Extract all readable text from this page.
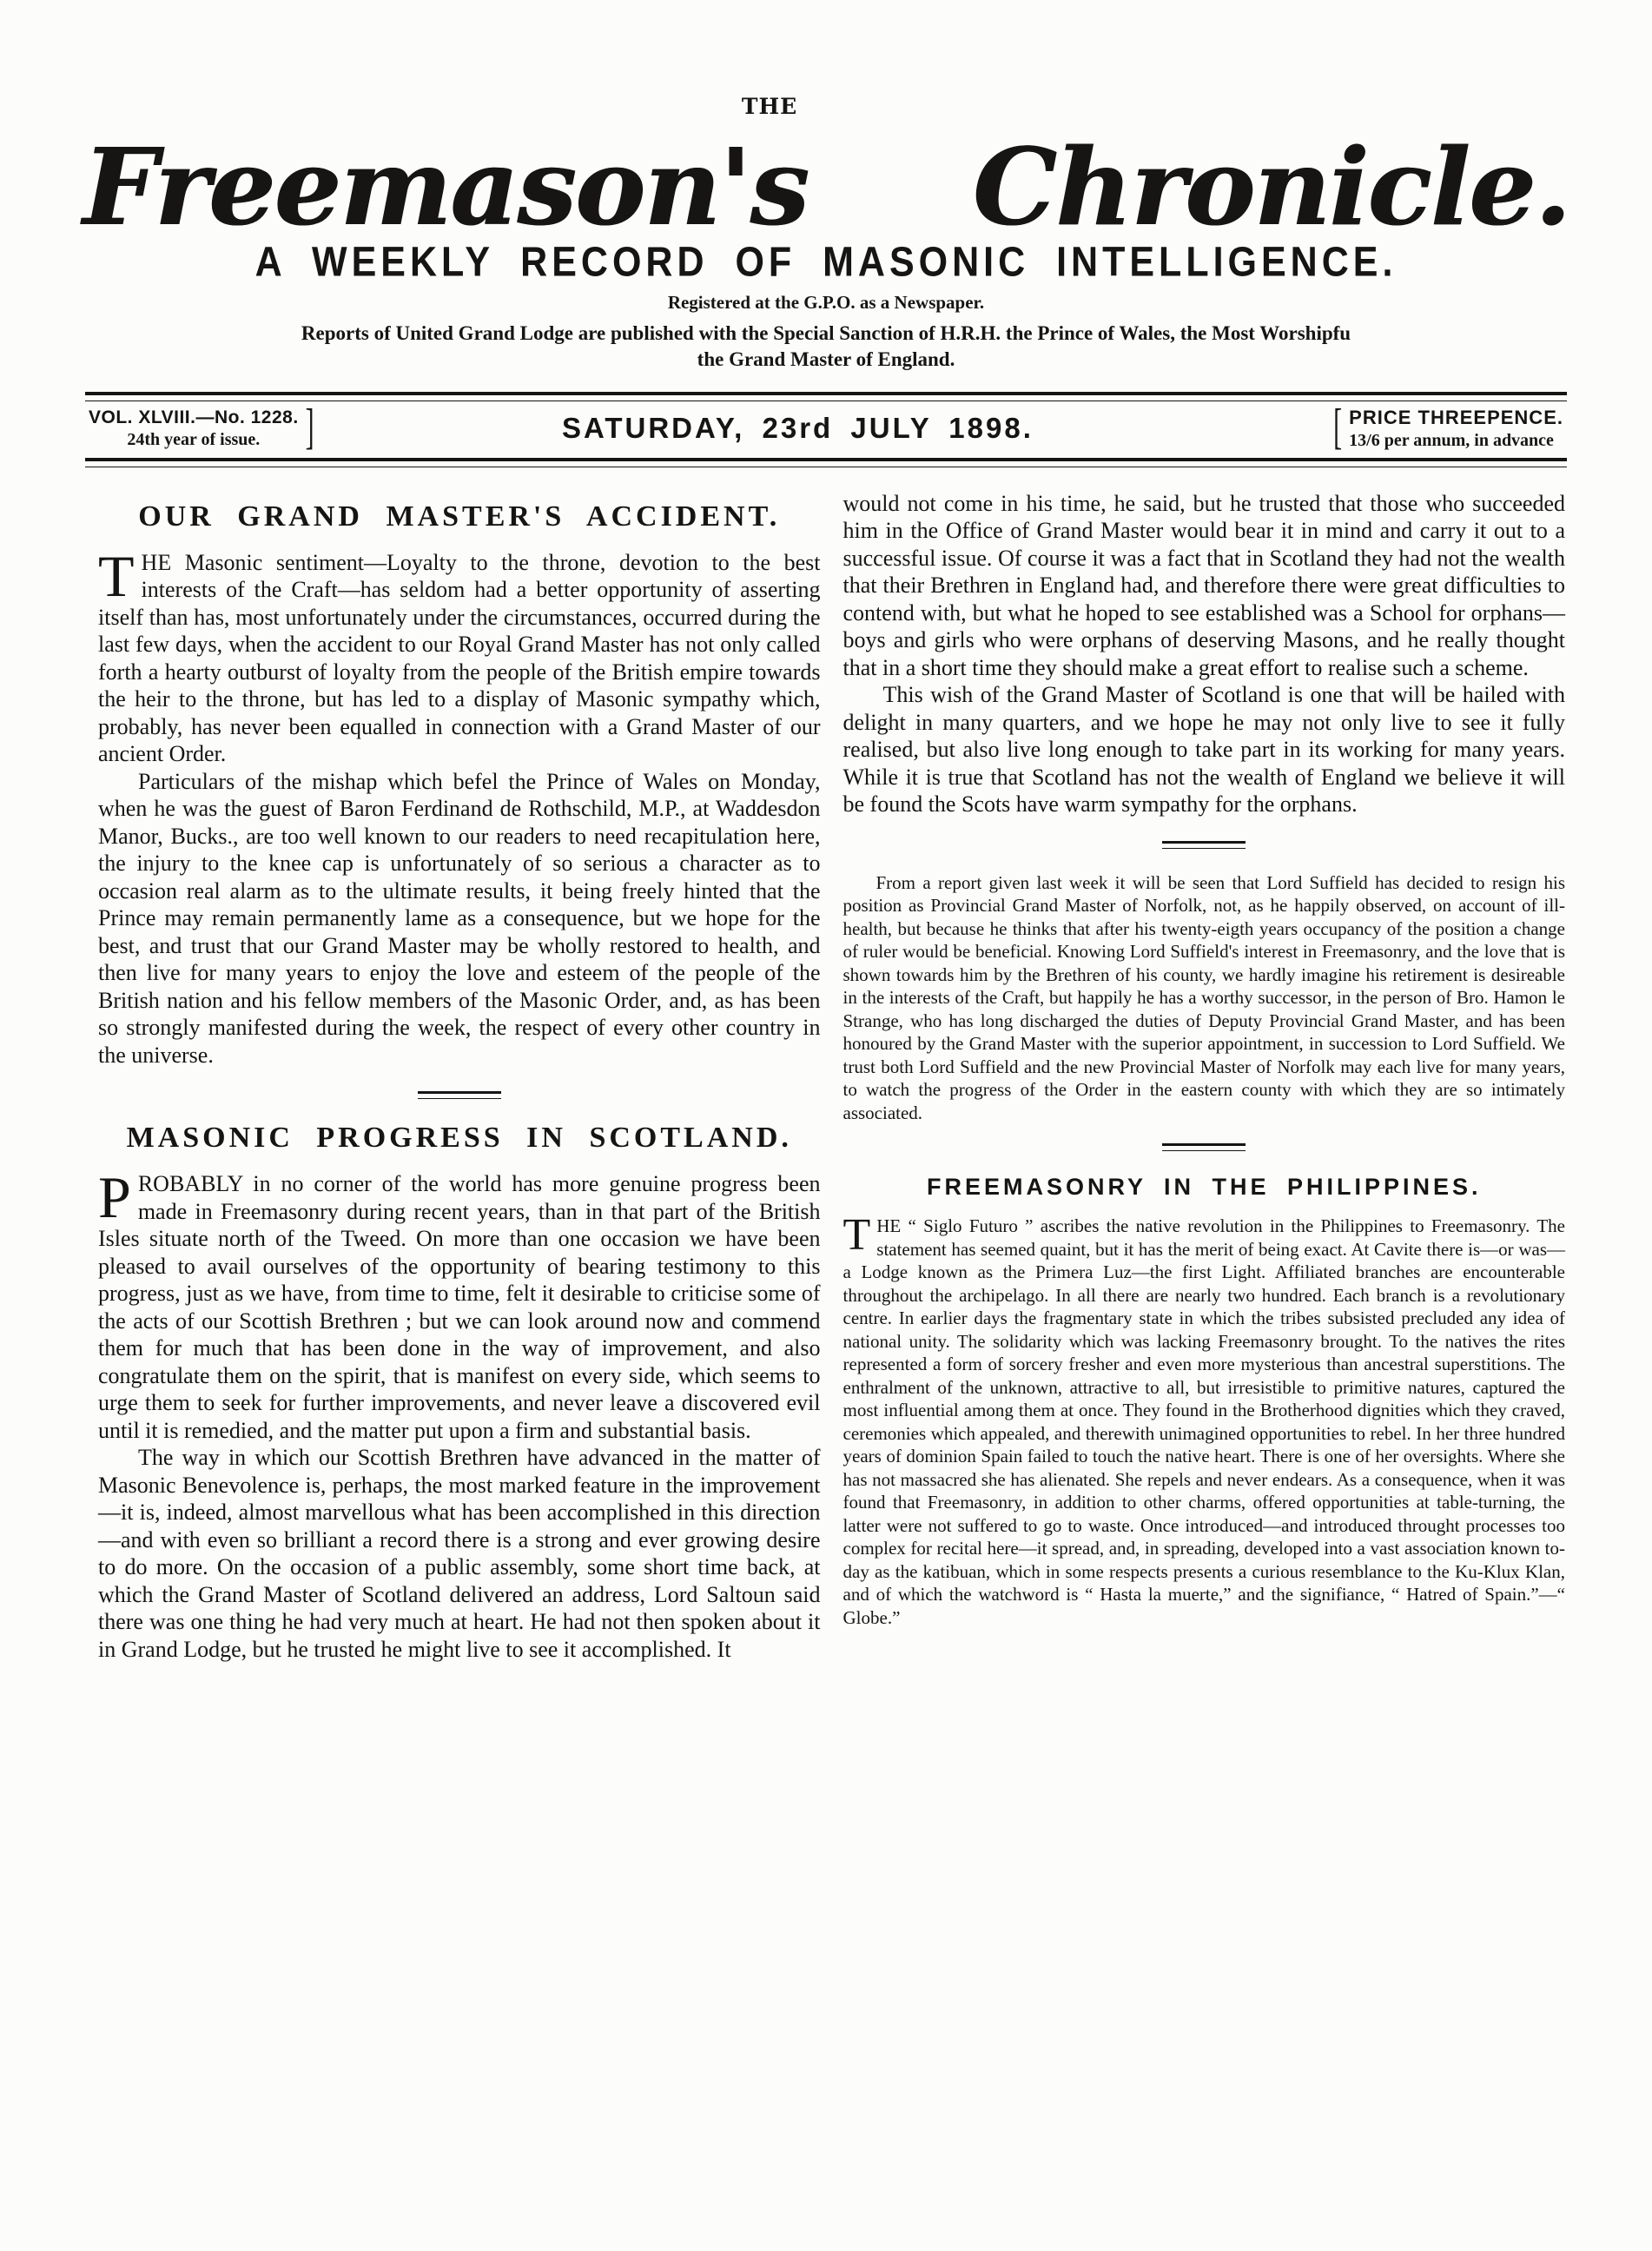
THE
Freemason's Chronicle.
A WEEKLY RECORD OF MASONIC INTELLIGENCE.
Registered at the G.P.O. as a Newspaper.
Reports of United Grand Lodge are published with the Special Sanction of H.R.H. the Prince of Wales, the Most Worshipfu
the Grand Master of England.
VOL. XLVIII.—No. 1228.
24th year of issue.	]	SATURDAY, 23rd JULY 1898.	[ PRICE THREEPENCE.
13/6 per annum, in advance
OUR GRAND MASTER'S ACCIDENT.

THE Masonic sentiment—Loyalty to the throne, devotion to the best interests of the Craft—has seldom had a better opportunity of asserting itself than has, most unfortunately under the circumstances, occurred during the last few days, when the accident to our Royal Grand Master has not only called forth a hearty outburst of loyalty from the people of the British empire towards the heir to the throne, but has led to a display of Masonic sympathy which, probably, has never been equalled in connection with a Grand Master of our ancient Order.

Particulars of the mishap which befel the Prince of Wales on Monday, when he was the guest of Baron Ferdinand de Rothschild, M.P., at Waddesdon Manor, Bucks., are too well known to our readers to need recapitulation here, the injury to the knee cap is unfortunately of so serious a character as to occasion real alarm as to the ultimate results, it being freely hinted that the Prince may remain permanently lame as a consequence, but we hope for the best, and trust that our Grand Master may be wholly restored to health, and then live for many years to enjoy the love and esteem of the people of the British nation and his fellow members of the Masonic Order, and, as has been so strongly manifested during the week, the respect of every other country in the universe.

MASONIC PROGRESS IN SCOTLAND.

PROBABLY in no corner of the world has more genuine progress been made in Freemasonry during recent years, than in that part of the British Isles situate north of the Tweed. On more than one occasion we have been pleased to avail ourselves of the opportunity of bearing testimony to this progress, just as we have, from time to time, felt it desirable to criticise some of the acts of our Scottish Brethren ; but we can look around now and commend them for much that has been done in the way of improvement, and also congratulate them on the spirit, that is manifest on every side, which seems to urge them to seek for further improvements, and never leave a discovered evil until it is remedied, and the matter put upon a firm and substantial basis.

The way in which our Scottish Brethren have advanced in the matter of Masonic Benevolence is, perhaps, the most marked feature in the improvement —it is, indeed, almost marvellous what has been accomplished in this direction—and with even so brilliant a record there is a strong and ever growing desire to do more. On the occasion of a public assembly, some short time back, at which the Grand Master of Scotland delivered an address, Lord Saltoun said there was one thing he had very much at heart. He had not then spoken about it in Grand Lodge, but he trusted he might live to see it accomplished. It

would not come in his time, he said, but he trusted that those who succeeded him in the Office of Grand Master would bear it in mind and carry it out to a successful issue. Of course it was a fact that in Scotland they had not the wealth that their Brethren in England had, and therefore there were great difficulties to contend with, but what he hoped to see established was a School for orphans—boys and girls who were orphans of deserving Masons, and he really thought that in a short time they should make a great effort to realise such a scheme.

This wish of the Grand Master of Scotland is one that will be hailed with delight in many quarters, and we hope he may not only live to see it fully realised, but also live long enough to take part in its working for many years. While it is true that Scotland has not the wealth of England we believe it will be found the Scots have warm sympathy for the orphans.

From a report given last week it will be seen that Lord Suffield has decided to resign his position as Provincial Grand Master of Norfolk, not, as he happily observed, on account of ill-health, but because he thinks that after his twenty-eigth years occupancy of the position a change of ruler would be beneficial. Knowing Lord Suffield's interest in Freemasonry, and the love that is shown towards him by the Brethren of his county, we hardly imagine his retirement is desireable in the interests of the Craft, but happily he has a worthy successor, in the person of Bro. Hamon le Strange, who has long discharged the duties of Deputy Provincial Grand Master, and has been honoured by the Grand Master with the superior appointment, in succession to Lord Suffield. We trust both Lord Suffield and the new Provincial Master of Norfolk may each live for many years, to watch the progress of the Order in the eastern county with which they are so intimately associated.

FREEMASONRY IN THE PHILIPPINES.

THE “ Siglo Futuro ” ascribes the native revolution in the Philippines to Freemasonry. The statement has seemed quaint, but it has the merit of being exact. At Cavite there is—or was—a Lodge known as the Primera Luz—the first Light. Affiliated branches are encounterable throughout the archipelago. In all there are nearly two hundred. Each branch is a revolutionary centre. In earlier days the fragmentary state in which the tribes subsisted precluded any idea of national unity. The solidarity which was lacking Freemasonry brought. To the natives the rites represented a form of sorcery fresher and even more mysterious than ancestral superstitions. The enthralment of the unknown, attractive to all, but irresistible to primitive natures, captured the most influential among them at once. They found in the Brotherhood dignities which they craved, ceremonies which appealed, and therewith unimagined opportunities to rebel. In her three hundred years of dominion Spain failed to touch the native heart. There is one of her oversights. Where she has not massacred she has alienated. She repels and never endears. As a consequence, when it was found that Freemasonry, in addition to other charms, offered opportunities at table-turning, the latter were not suffered to go to waste. Once introduced—and introduced throught processes too complex for recital here—it spread, and, in spreading, developed into a vast association known to-day as the katibuan, which in some respects presents a curious resemblance to the Ku-Klux Klan, and of which the watchword is “ Hasta la muerte,” and the signifiance, “ Hatred of Spain.”—“ Globe.”
